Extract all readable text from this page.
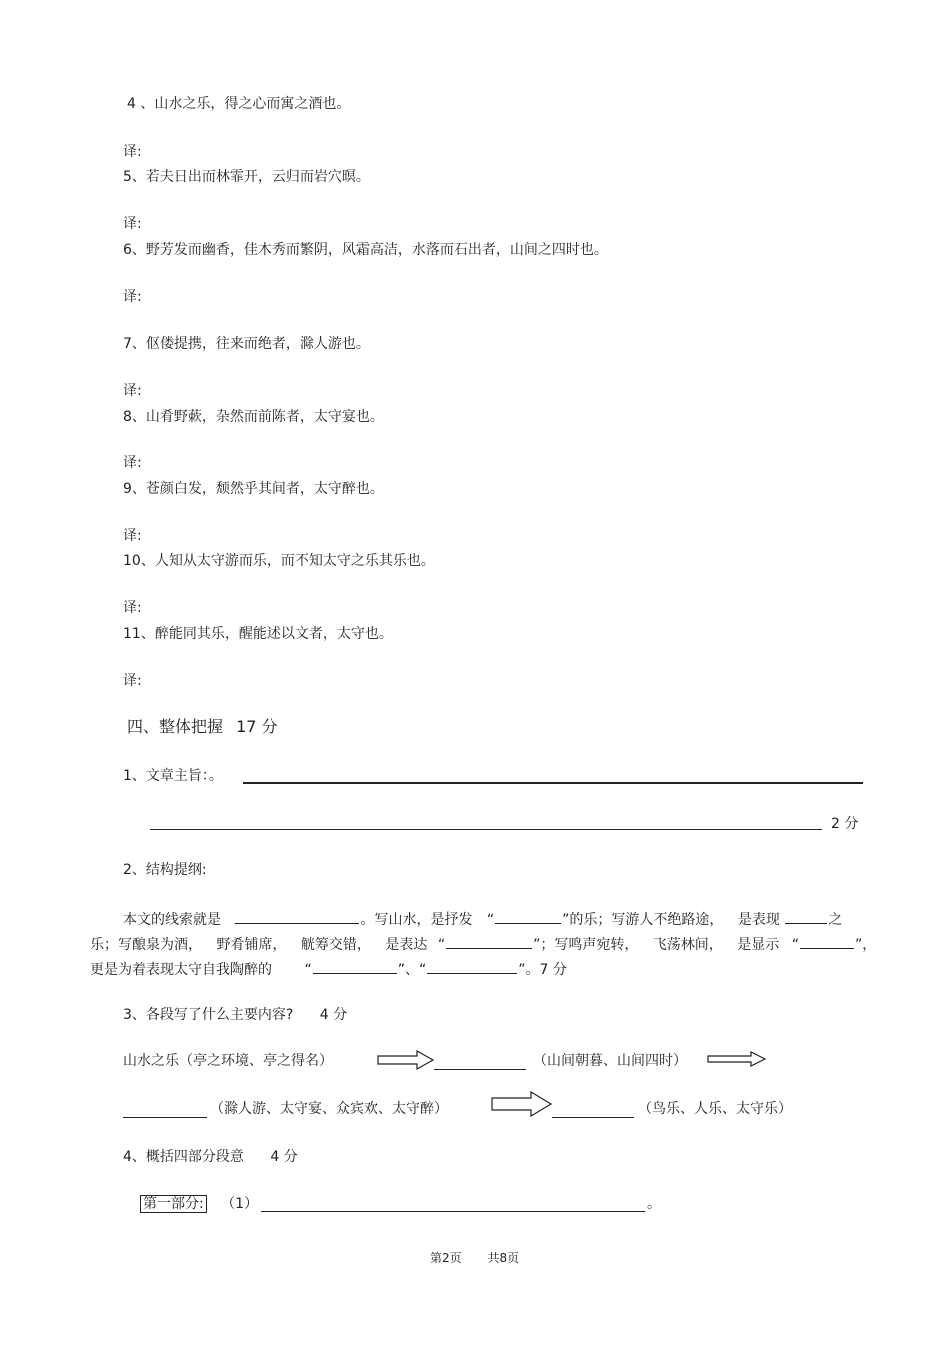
4 、山水之乐，得之心而寓之酒也。
译:
5、若夫日出而林霏开，云归而岩穴暝。
译:
6、野芳发而幽香，佳木秀而繁阴，风霜高洁，水落而石出者，山间之四时也。
译:
7、伛偻提携，往来而绝者，滁人游也。
译:
8、山肴野蔌，杂然而前陈者，太守宴也。
译:
9、苍颜白发，颓然乎其间者，太守醉也。
译:
10、人知从太守游而乐，而不知太守之乐其乐也。
译:
11、醉能同其乐，醒能述以文者，太守也。
译:
四、整体把握 17 分
1、文章主旨：。
2 分
2、结构提纲:
本文的线索就是	。写山水，是抒发 “	”的乐；写游人不绝路途， 是表现	之
乐；写酿泉为酒， 野肴铺席， 觥筹交错， 是表达 “	”；写鸣声宛转， 飞荡林间， 是显示 “	”，
更是为着表现太守自我陶醉的 “	”、“	”。7 分
3、各段写了什么主要内容? 4 分
山水之乐（亭之环境、亭之得名）	（山间朝暮、山间四时）
（滁人游、太守宴、众宾欢、太守醉）	（鸟乐、人乐、太守乐）
4、概括四部分段意 4 分
第一部分: （1）	。
第2页 共8页
